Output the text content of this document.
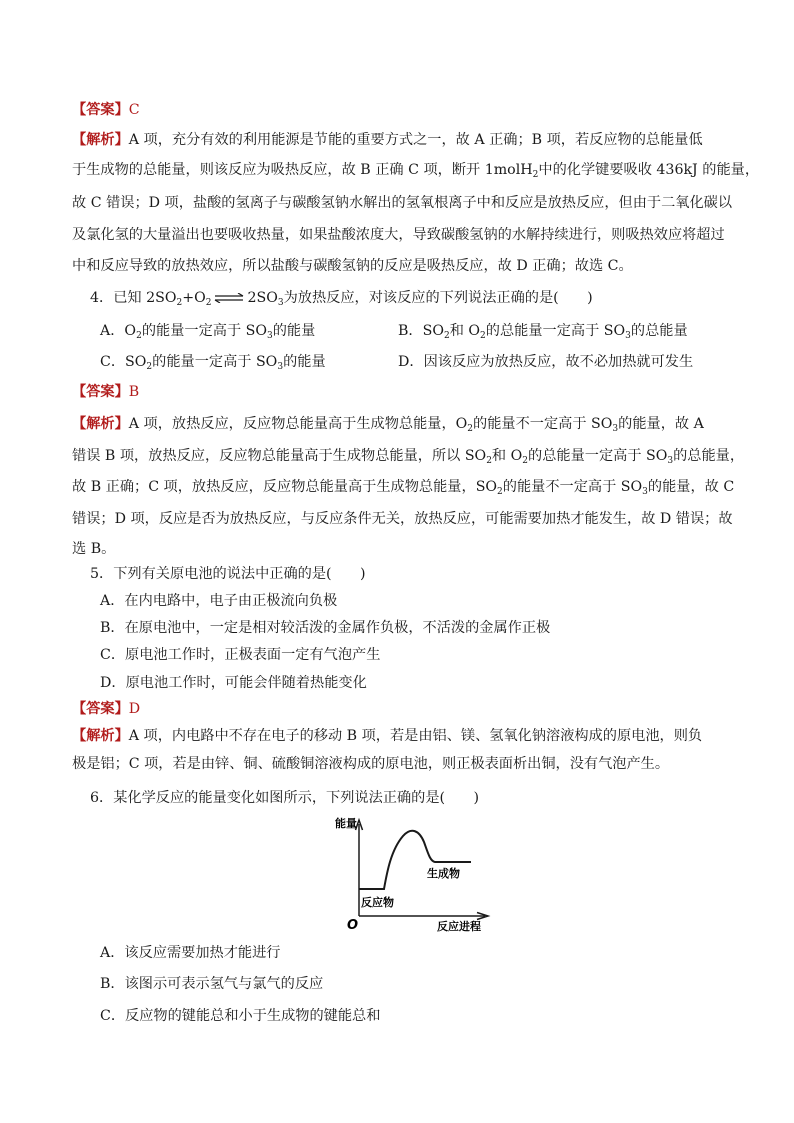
【答案】C
【解析】A 项，充分有效的利用能源是节能的重要方式之一，故 A 正确；B 项，若反应物的总能量低
于生成物的总能量，则该反应为吸热反应，故 B 正确 C 项，断开 1molH$_2$中的化学键要吸收 436kJ 的能量，
故 C 错误；D 项，盐酸的氢离子与碳酸氢钠水解出的氢氧根离子中和反应是放热反应，但由于二氧化碳以
及氯化氢的大量溢出也要吸收热量，如果盐酸浓度大，导致碳酸氢钠的水解持续进行，则吸热效应将超过
中和反应导致的放热效应，所以盐酸与碳酸氢钠的反应是吸热反应，故 D 正确；故选 C。
4．已知 $2SO_2+O_2$ ⇌ $2SO_3$为放热反应，对该反应的下列说法正确的是(　　)
A．$O_2$的能量一定高于 $SO_3$的能量	B．$SO_2$和 $O_2$的总能量一定高于 $SO_3$的总能量
C．$SO_2$的能量一定高于 $SO_3$的能量	D．因该反应为放热反应，故不必加热就可发生
【答案】B
【解析】A 项，放热反应，反应物总能量高于生成物总能量，$O_2$的能量不一定高于 $SO_3$的能量，故 A
错误 B 项，放热反应，反应物总能量高于生成物总能量，所以 $SO_2$和 $O_2$的总能量一定高于 $SO_3$的总能量，
故 B 正确；C 项，放热反应，反应物总能量高于生成物总能量，$SO_2$的能量不一定高于 $SO_3$的能量，故 C
错误；D 项，反应是否为放热反应，与反应条件无关，放热反应，可能需要加热才能发生，故 D 错误；故
选 B。
5．下列有关原电池的说法中正确的是(　　)
A．在内电路中，电子由正极流向负极
B．在原电池中，一定是相对较活泼的金属作负极，不活泼的金属作正极
C．原电池工作时，正极表面一定有气泡产生
D．原电池工作时，可能会伴随着热能变化
【答案】D
【解析】A 项，内电路中不存在电子的移动 B 项，若是由铝、镁、氢氧化钠溶液构成的原电池，则负
极是铝；C 项，若是由锌、铜、硫酸铜溶液构成的原电池，则正极表面析出铜，没有气泡产生。
6．某化学反应的能量变化如图所示，下列说法正确的是(　　)
能量
生成物
反应物
O	反应进程
A．该反应需要加热才能进行
B．该图示可表示氢气与氯气的反应
C．反应物的键能总和小于生成物的键能总和
